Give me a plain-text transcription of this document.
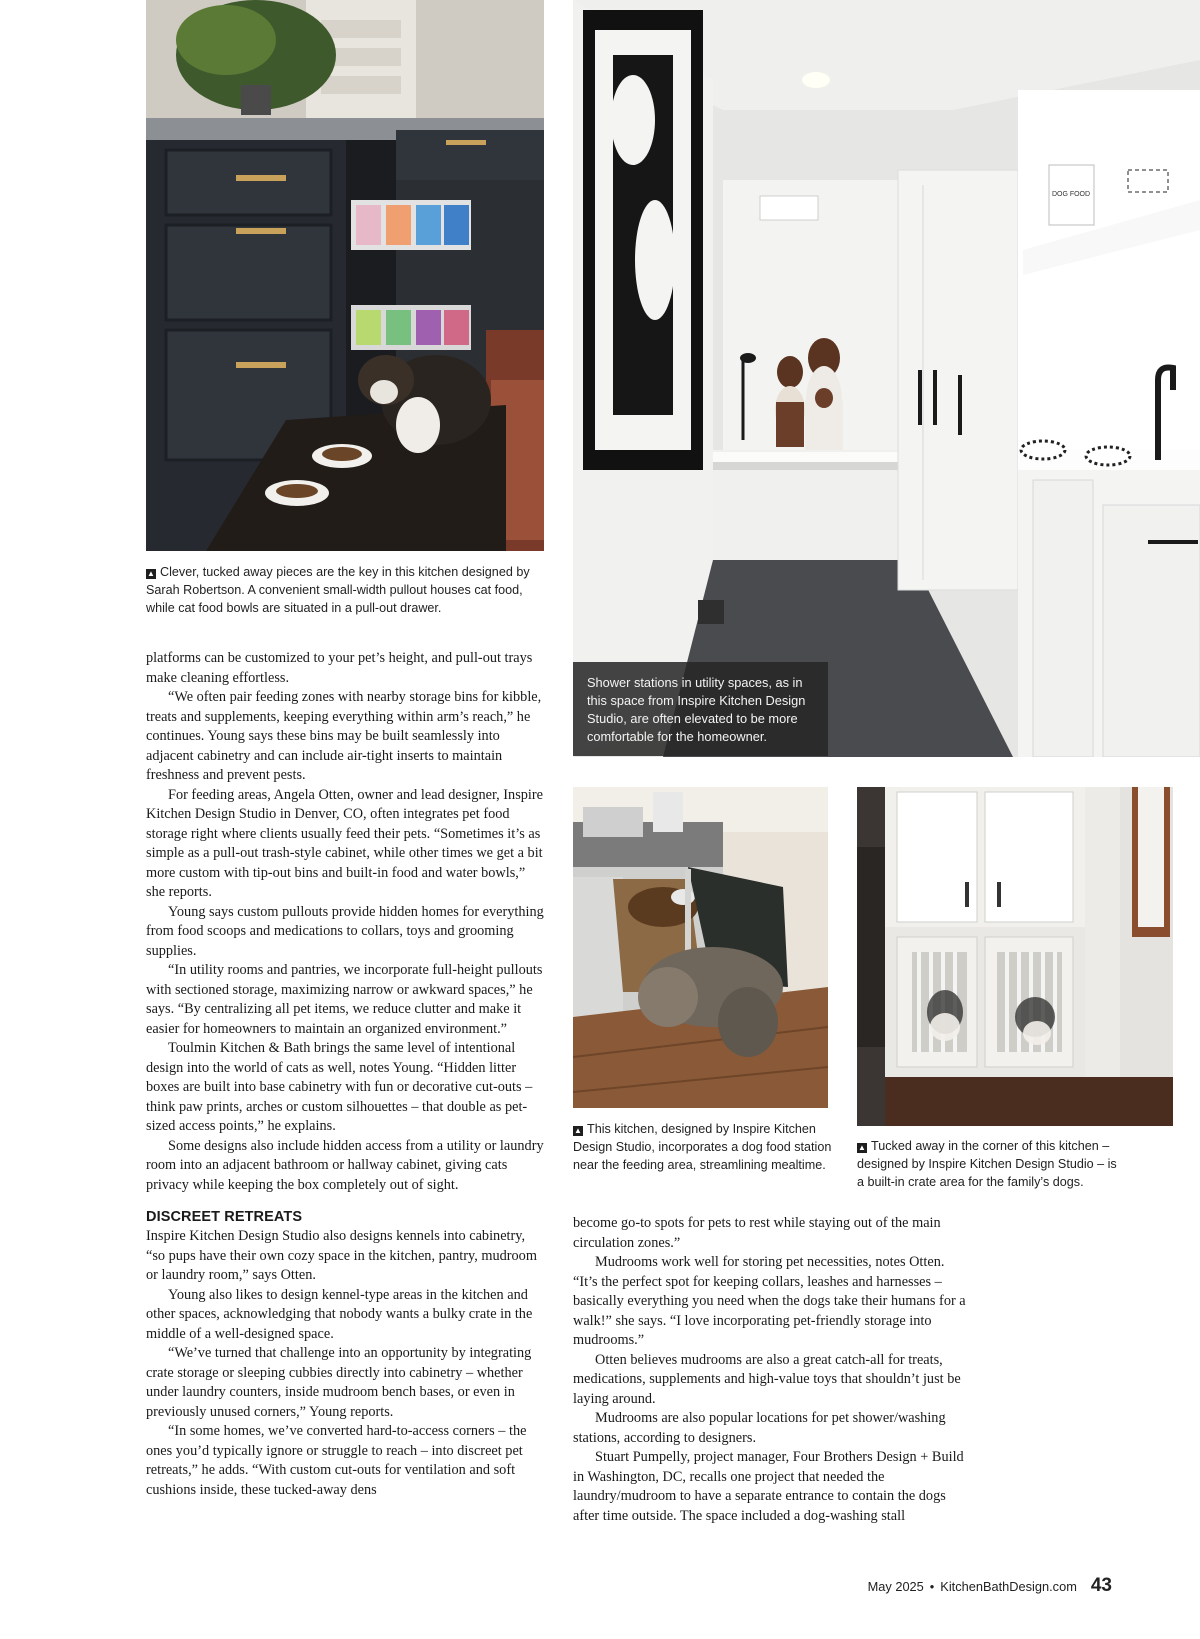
▲ Clever, tucked away pieces are the key in this kitchen designed by Sarah Robertson. A convenient small-width pullout houses cat food, while cat food bowls are situated in a pull-out drawer.
DOG FOOD
Shower stations in utility spaces, as in this space from Inspire Kitchen Design Studio, are often elevated to be more comfortable for the homeowner.
▲ This kitchen, designed by Inspire Kitchen Design Studio, incorporates a dog food station near the feeding area, streamlining mealtime.
▲ Tucked away in the corner of this kitchen – designed by Inspire Kitchen Design Studio – is a built-in crate area for the family’s dogs.

platforms can be customized to your pet’s height, and pull-out trays make cleaning effortless.

“We often pair feeding zones with nearby storage bins for kibble, treats and supplements, keeping everything within arm’s reach,” he continues. Young says these bins may be built seamlessly into adjacent cabinetry and can include air-tight inserts to maintain freshness and prevent pests.

For feeding areas, Angela Otten, owner and lead designer, Inspire Kitchen Design Studio in Denver, CO, often integrates pet food storage right where clients usually feed their pets. “Sometimes it’s as simple as a pull-out trash-style cabinet, while other times we get a bit more custom with tip-out bins and built-in food and water bowls,” she reports.

Young says custom pullouts provide hidden homes for everything from food scoops and medications to collars, toys and grooming supplies.

“In utility rooms and pantries, we incorporate full-height pullouts with sectioned storage, maximizing narrow or awkward spaces,” he says. “By centralizing all pet items, we reduce clutter and make it easier for homeowners to maintain an organized environment.”

Toulmin Kitchen & Bath brings the same level of intentional design into the world of cats as well, notes Young. “Hidden litter boxes are built into base cabinetry with fun or decorative cut-outs – think paw prints, arches or custom silhouettes – that double as pet-sized access points,” he explains.

Some designs also include hidden access from a utility or laundry room into an adjacent bathroom or hallway cabinet, giving cats privacy while keeping the box completely out of sight.

DISCREET RETREATS

Inspire Kitchen Design Studio also designs kennels into cabinetry, “so pups have their own cozy space in the kitchen, pantry, mudroom or laundry room,” says Otten.

Young also likes to design kennel-type areas in the kitchen and other spaces, acknowledging that nobody wants a bulky crate in the middle of a well-designed space.

“We’ve turned that challenge into an opportunity by integrating crate storage or sleeping cubbies directly into cabinetry – whether under laundry counters, inside mudroom bench bases, or even in previously unused corners,” Young reports.

“In some homes, we’ve converted hard-to-access corners – the ones you’d typically ignore or struggle to reach – into discreet pet retreats,” he adds. “With custom cut-outs for ventilation and soft cushions inside, these tucked-away dens

become go-to spots for pets to rest while staying out of the main circulation zones.”

Mudrooms work well for storing pet necessities, notes Otten. “It’s the perfect spot for keeping collars, leashes and harnesses – basically everything you need when the dogs take their humans for a walk!” she says. “I love incorporating pet-friendly storage into mudrooms.”

Otten believes mudrooms are also a great catch-all for treats, medications, supplements and high-value toys that shouldn’t just be laying around.

Mudrooms are also popular locations for pet shower/washing stations, according to designers.

Stuart Pumpelly, project manager, Four Brothers Design + Build in Washington, DC, recalls one project that needed the laundry/mudroom to have a separate entrance to contain the dogs after time outside. The space included a dog-washing stall

May 2025 • KitchenBathDesign.com 43
